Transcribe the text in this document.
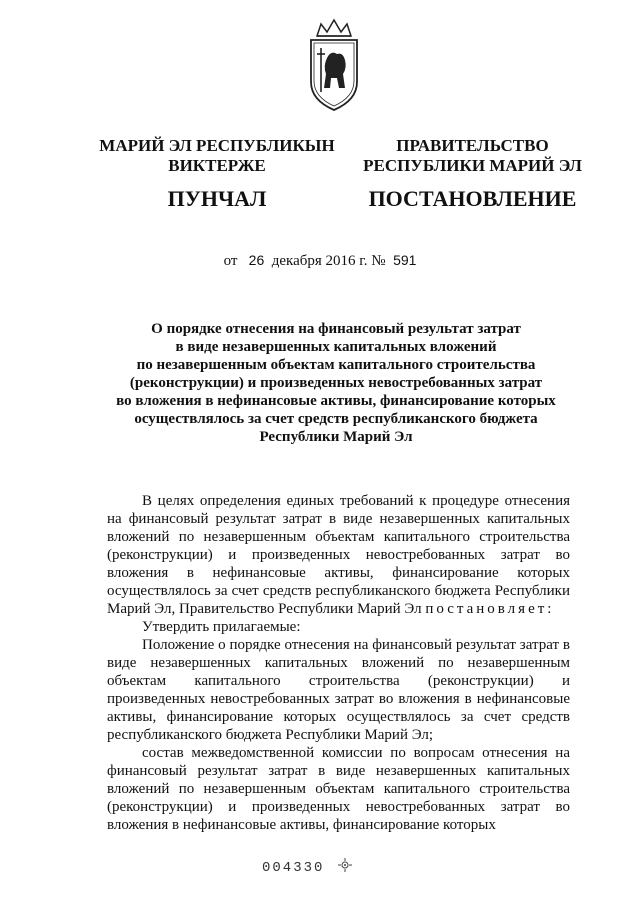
МАРИЙ ЭЛ РЕСПУБЛИКЫН
ВИКТЕРЖЕ
ПУНЧАЛ
ПРАВИТЕЛЬСТВО
РЕСПУБЛИКИ МАРИЙ ЭЛ
ПОСТАНОВЛЕНИЕ
от 26 декабря 2016 г. № 591
О порядке отнесения на финансовый результат затрат
в виде незавершенных капитальных вложений
по незавершенным объектам капитального строительства
(реконструкции) и произведенных невостребованных затрат
во вложения в нефинансовые активы, финансирование которых
осуществлялось за счет средств республиканского бюджета
Республики Марий Эл

В целях определения единых требований к процедуре отнесения на финансовый результат затрат в виде незавершенных капитальных вложений по незавершенным объектам капитального строительства (реконструкции) и произведенных невостребованных затрат во вложения в нефинансовые активы, финансирование которых осуществлялось за счет средств республиканского бюджета Республики Марий Эл, Правительство Республики Марий Эл постановляет:

Утвердить прилагаемые:

Положение о порядке отнесения на финансовый результат затрат в виде незавершенных капитальных вложений по незавершенным объектам капитального строительства (реконструкции) и произведенных невостребованных затрат во вложения в нефинансовые активы, финансирование которых осуществлялось за счет средств республиканского бюджета Республики Марий Эл;

состав межведомственной комиссии по вопросам отнесения на финансовый результат затрат в виде незавершенных капитальных вложений по незавершенным объектам капитального строительства (реконструкции) и произведенных невостребованных затрат во вложения в нефинансовые активы, финансирование которых

004330
